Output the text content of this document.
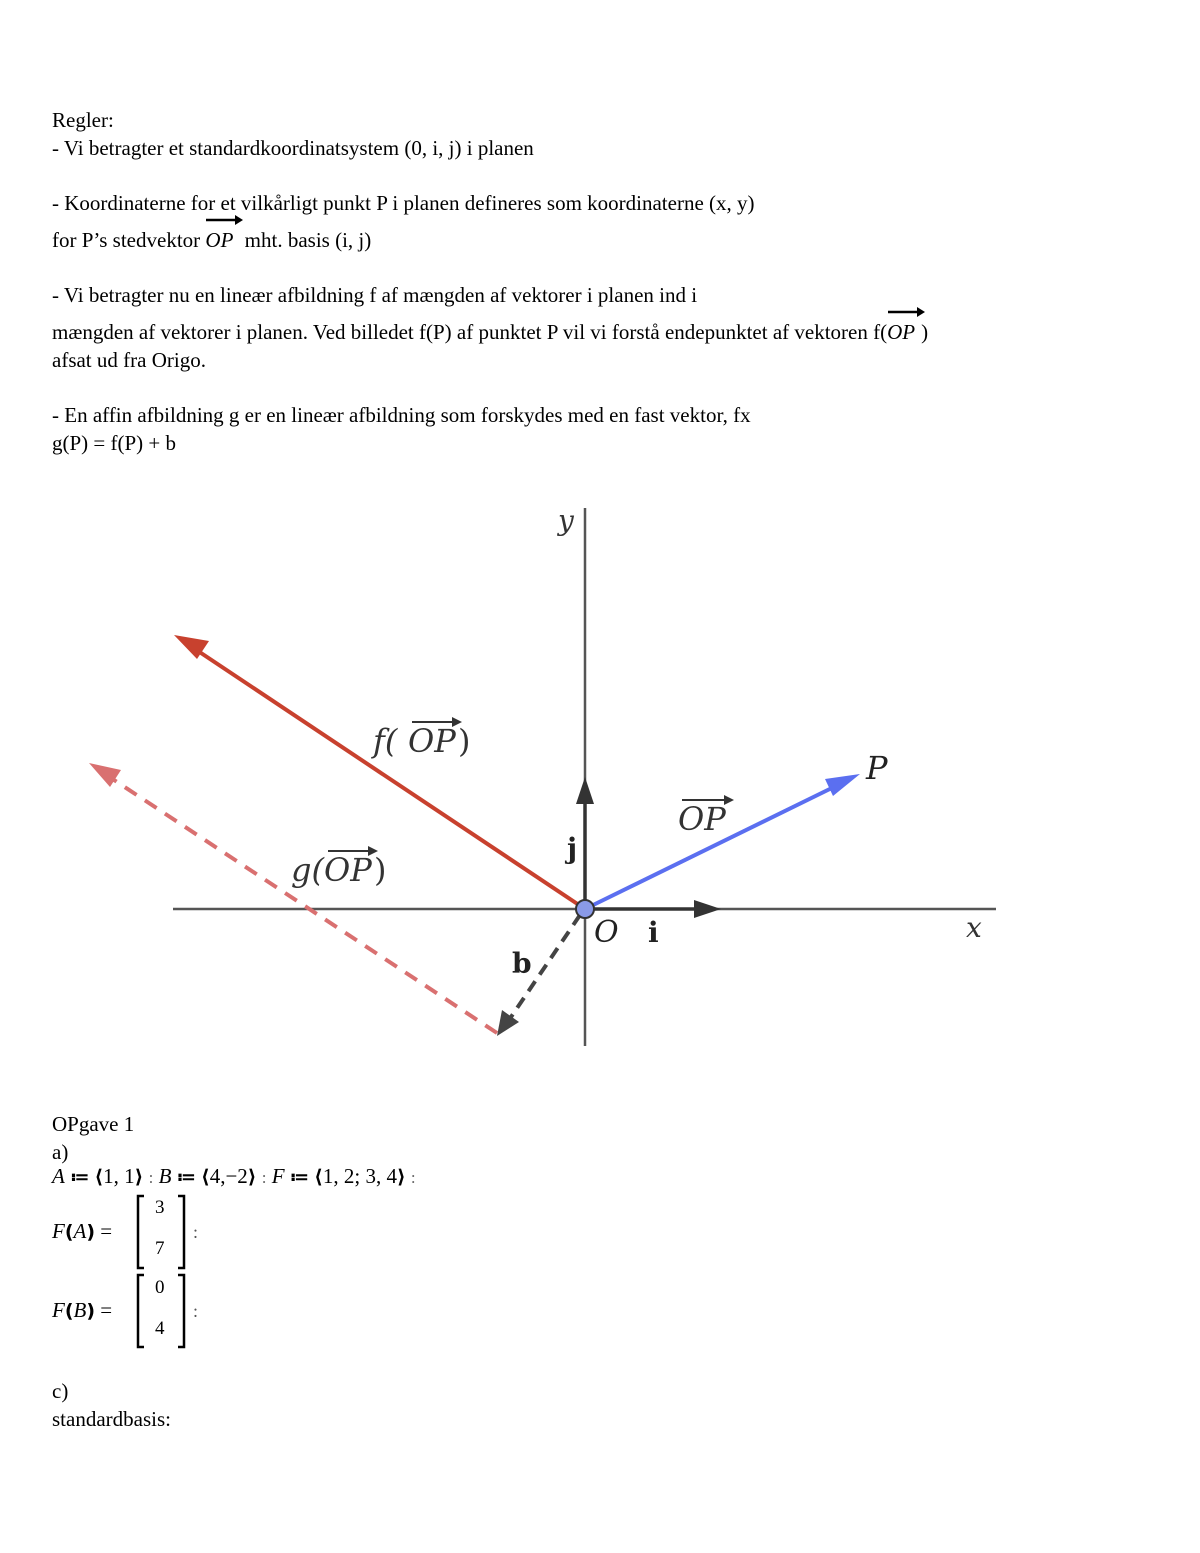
Regler:
- Vi betragter et standardkoordinatsystem (0, i, j) i planen
- Koordinaterne for et vilkårligt punkt P i planen defineres som koordinaterne (x, y)
for P’s stedvektor OP mht. basis (i, j)
- Vi betragter nu en lineær afbildning f af mængden af vektorer i planen ind i
mængden af vektorer i planen. Ved billedet f(P) af punktet P vil vi forstå endepunktet af vektoren f(
OP )
afsat ud fra Origo.
- En affin afbildning g er en lineær afbildning som forskydes med en fast vektor, fx
g(P) = f(P) + b
y
x
O i
j
b
P
OP
f( OP )
g( OP )
OPgave 1
a)
A ≔ ⟨1, 1⟩ : B ≔ ⟨4,−2⟩ : F ≔ ⟨1, 2; 3, 4⟩ :
F(A) =
3
7
:
F(B) =
0
4
:
c)
standardbasis:
